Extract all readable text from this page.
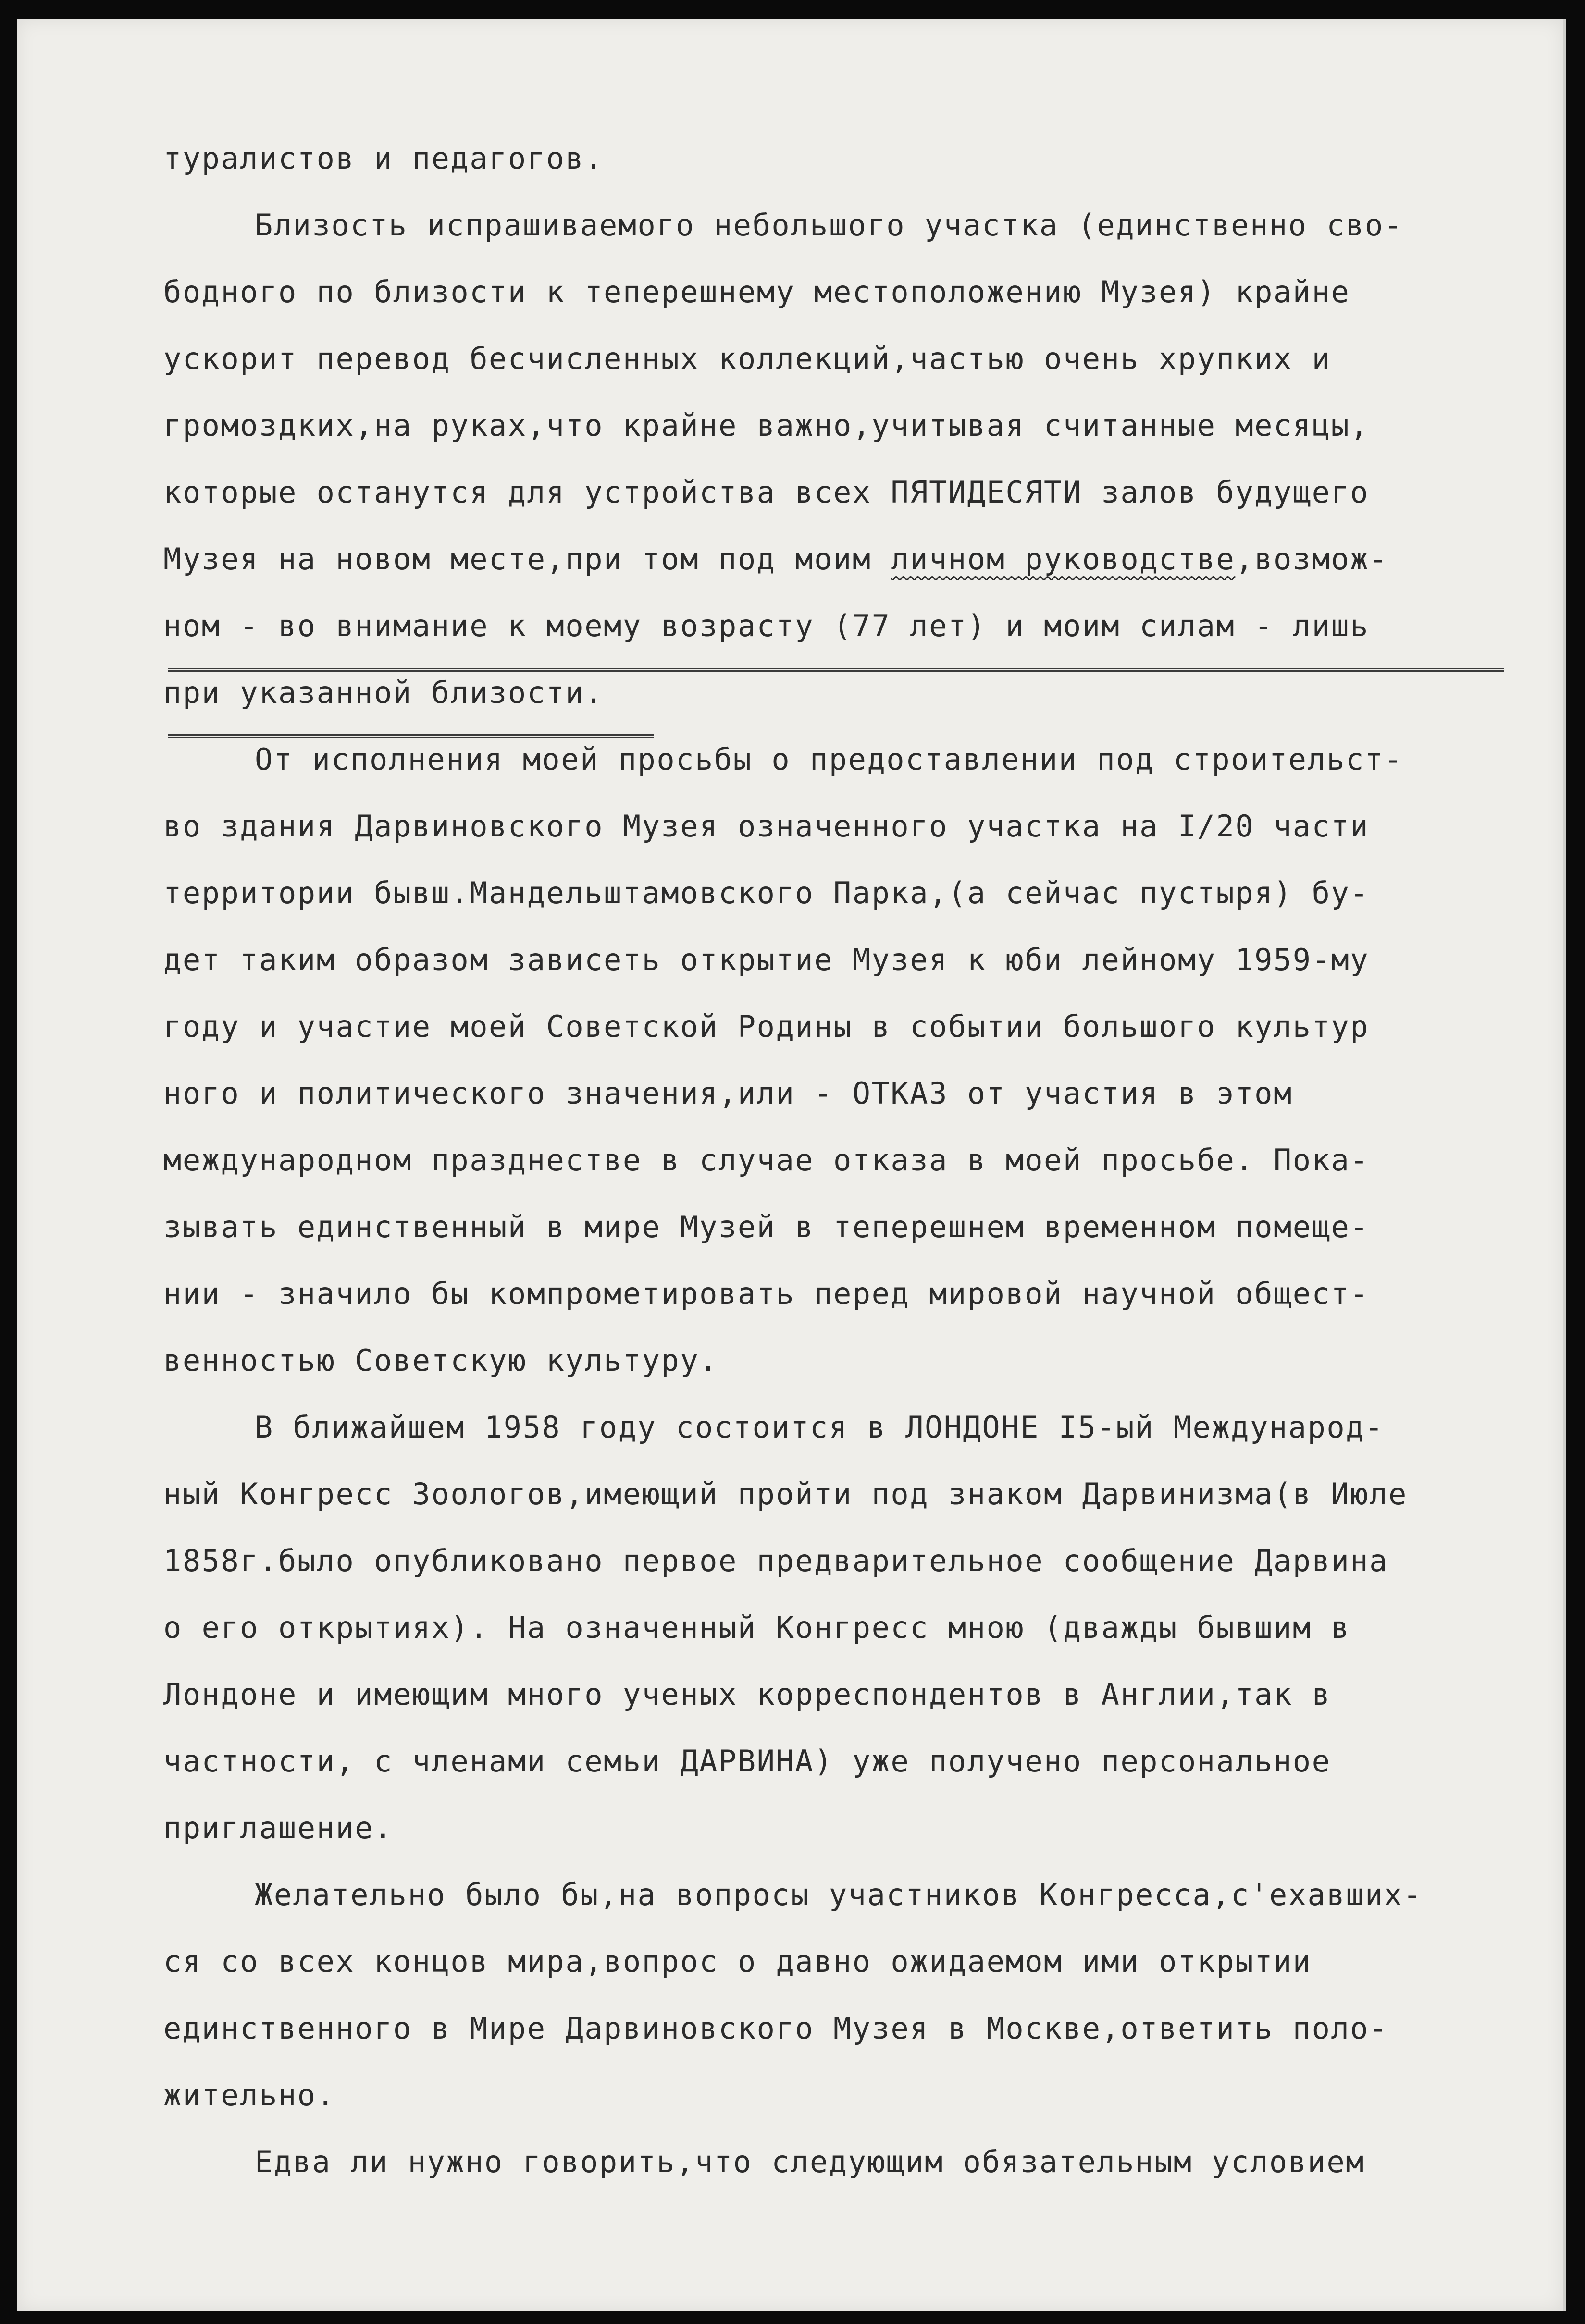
туралистов и педагогов.
Близость испрашиваемого небольшого участка (единственно сво-
бодного по близости к теперешнему местоположению Музея) крайне
ускорит перевод бесчисленных коллекций,частью очень хрупких и
громоздких,на руках,что крайне важно,учитывая считанные месяцы,
которые останутся для устройства всех ПЯТИДЕСЯТИ залов будущего
Музея на новом месте,при том под моим личном руководстве,возмож-
ном - во внимание к моему возрасту (77 лет) и моим силам - лишь
при указанной близости.
От исполнения моей просьбы о предоставлении под строительст-
во здания Дарвиновского Музея означенного участка на I/20 части
территории бывш.Мандельштамовского Парка,(а сейчас пустыря) бу-
дет таким образом зависеть открытие Музея к юби лейному 1959-му
году и участие моей Советской Родины в событии большого культур
ного и политического значения,или - ОТКАЗ от участия в этом
международном празднестве в случае отказа в моей просьбе. Пока-
зывать единственный в мире Музей в теперешнем временном помеще-
нии - значило бы компрометировать перед мировой научной общест-
венностью Советскую культуру.
В ближайшем 1958 году состоится в ЛОНДОНЕ I5-ый Международ-
ный Конгресс Зоологов,имеющий пройти под знаком Дарвинизма(в Июле
1858г.было опубликовано первое предварительное сообщение Дарвина
о его открытиях). На означенный Конгресс мною (дважды бывшим в
Лондоне и имеющим много ученых корреспондентов в Англии,так в
частности, с членами семьи ДАРВИНА) уже получено персональное
приглашение.
Желательно было бы,на вопросы участников Конгресса,с'ехавших-
ся со всех концов мира,вопрос о давно ожидаемом ими открытии
единственного в Мире Дарвиновского Музея в Москве,ответить поло-
жительно.
Едва ли нужно говорить,что следующим обязательным условием
